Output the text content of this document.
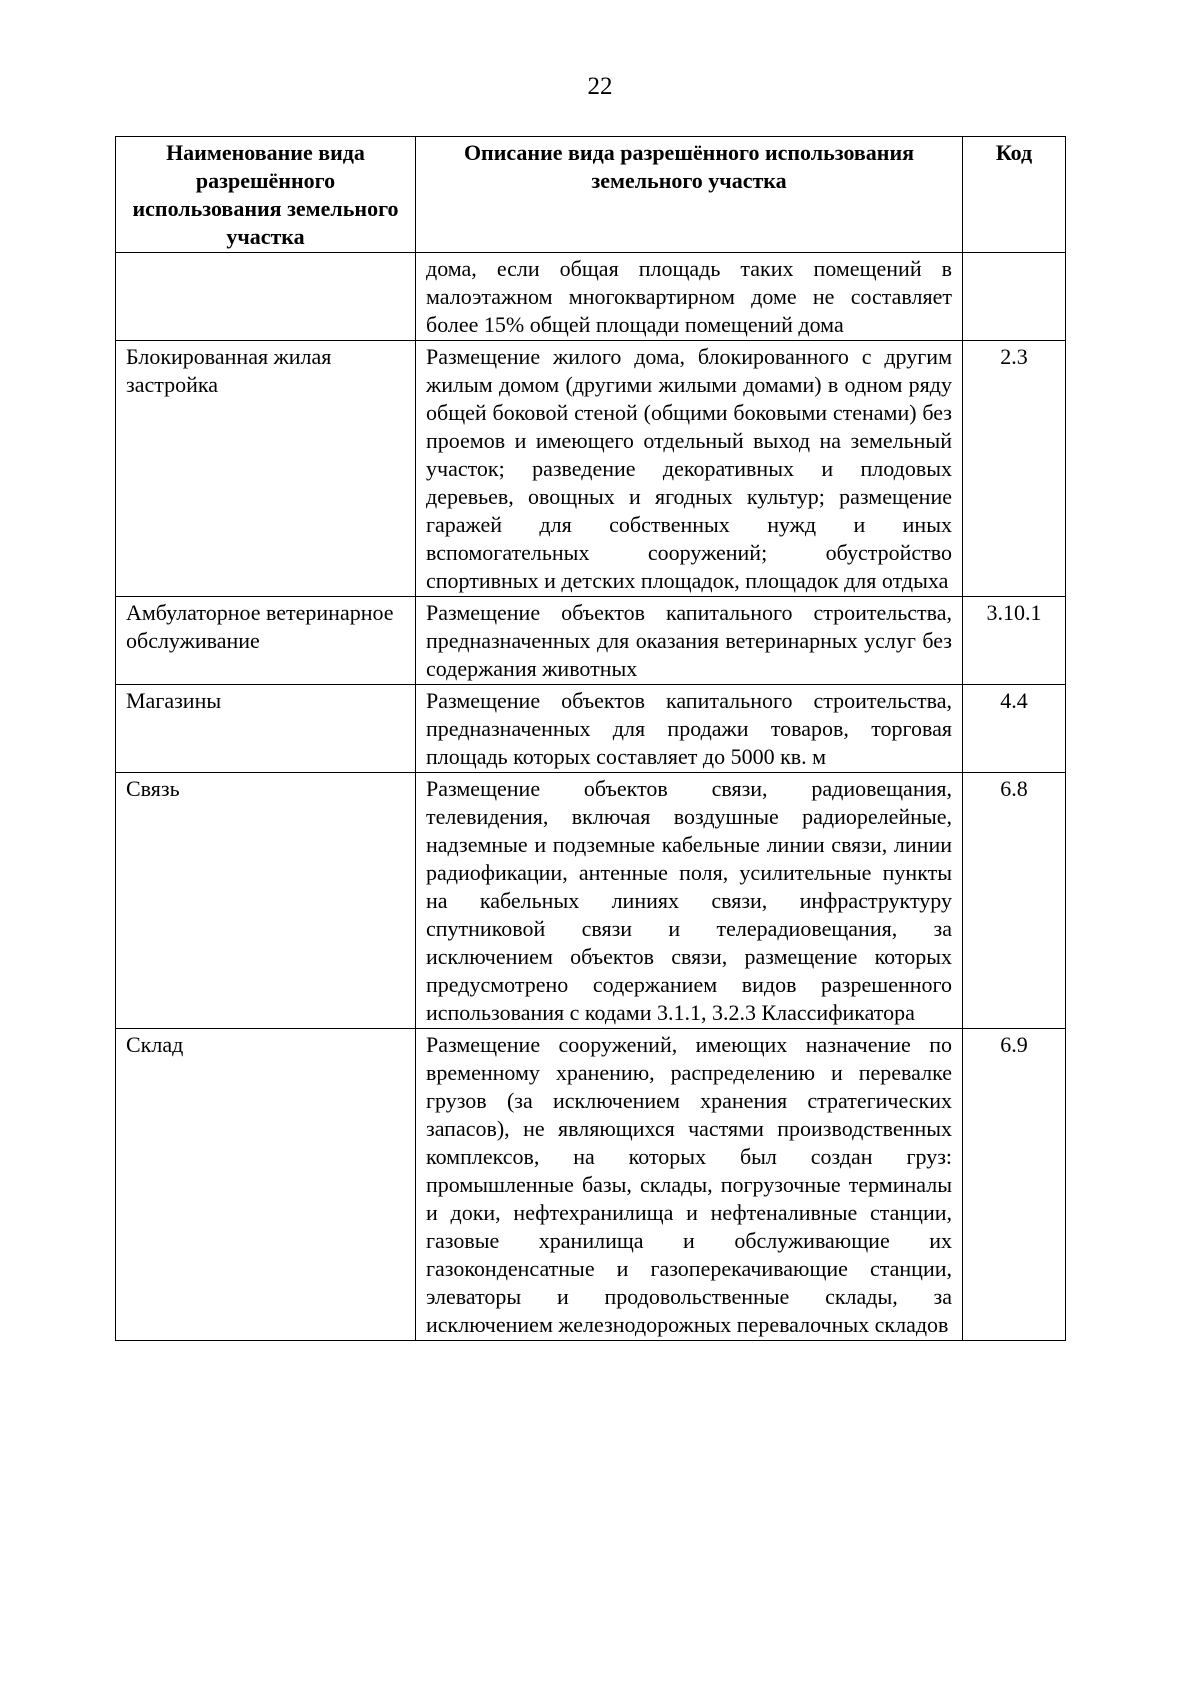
22
Наименование вида разрешённого использования земельного участка	Описание вида разрешённого использования земельного участка	Код
	дома, если общая площадь таких помещений в малоэтажном многоквартирном доме не составляет более 15% общей площади помещений дома	
Блокированная жилая застройка	Размещение жилого дома, блокированного с другим жилым домом (другими жилыми домами) в одном ряду общей боковой стеной (общими боковыми стенами) без проемов и имеющего отдельный выход на земельный участок; разведение декоративных и плодовых деревьев, овощных и ягодных культур; размещение гаражей для собственных нужд и иных вспомогательных сооружений; обустройство спортивных и детских площадок, площадок для отдыха	2.3
Амбулаторное ветеринарное обслуживание	Размещение объектов капитального строительства, предназначенных для оказания ветеринарных услуг без содержания животных	3.10.1
Магазины	Размещение объектов капитального строительства, предназначенных для продажи товаров, торговая площадь которых составляет до 5000 кв. м	4.4
Связь	Размещение объектов связи, радиовещания, телевидения, включая воздушные радиорелейные, надземные и подземные кабельные линии связи, линии радиофикации, антенные поля, усилительные пункты на кабельных линиях связи, инфраструктуру спутниковой связи и телерадиовещания, за исключением объектов связи, размещение которых предусмотрено содержанием видов разрешенного использования с кодами 3.1.1, 3.2.3 Классификатора	6.8
Склад	Размещение сооружений, имеющих назначение по временному хранению, распределению и перевалке грузов (за исключением хранения стратегических запасов), не являющихся частями производственных комплексов, на которых был создан груз: промышленные базы, склады, погрузочные терминалы и доки, нефтехранилища и нефтеналивные станции, газовые хранилища и обслуживающие их газоконденсатные и газоперекачивающие станции, элеваторы и продовольственные склады, за исключением железнодорожных перевалочных складов	6.9
